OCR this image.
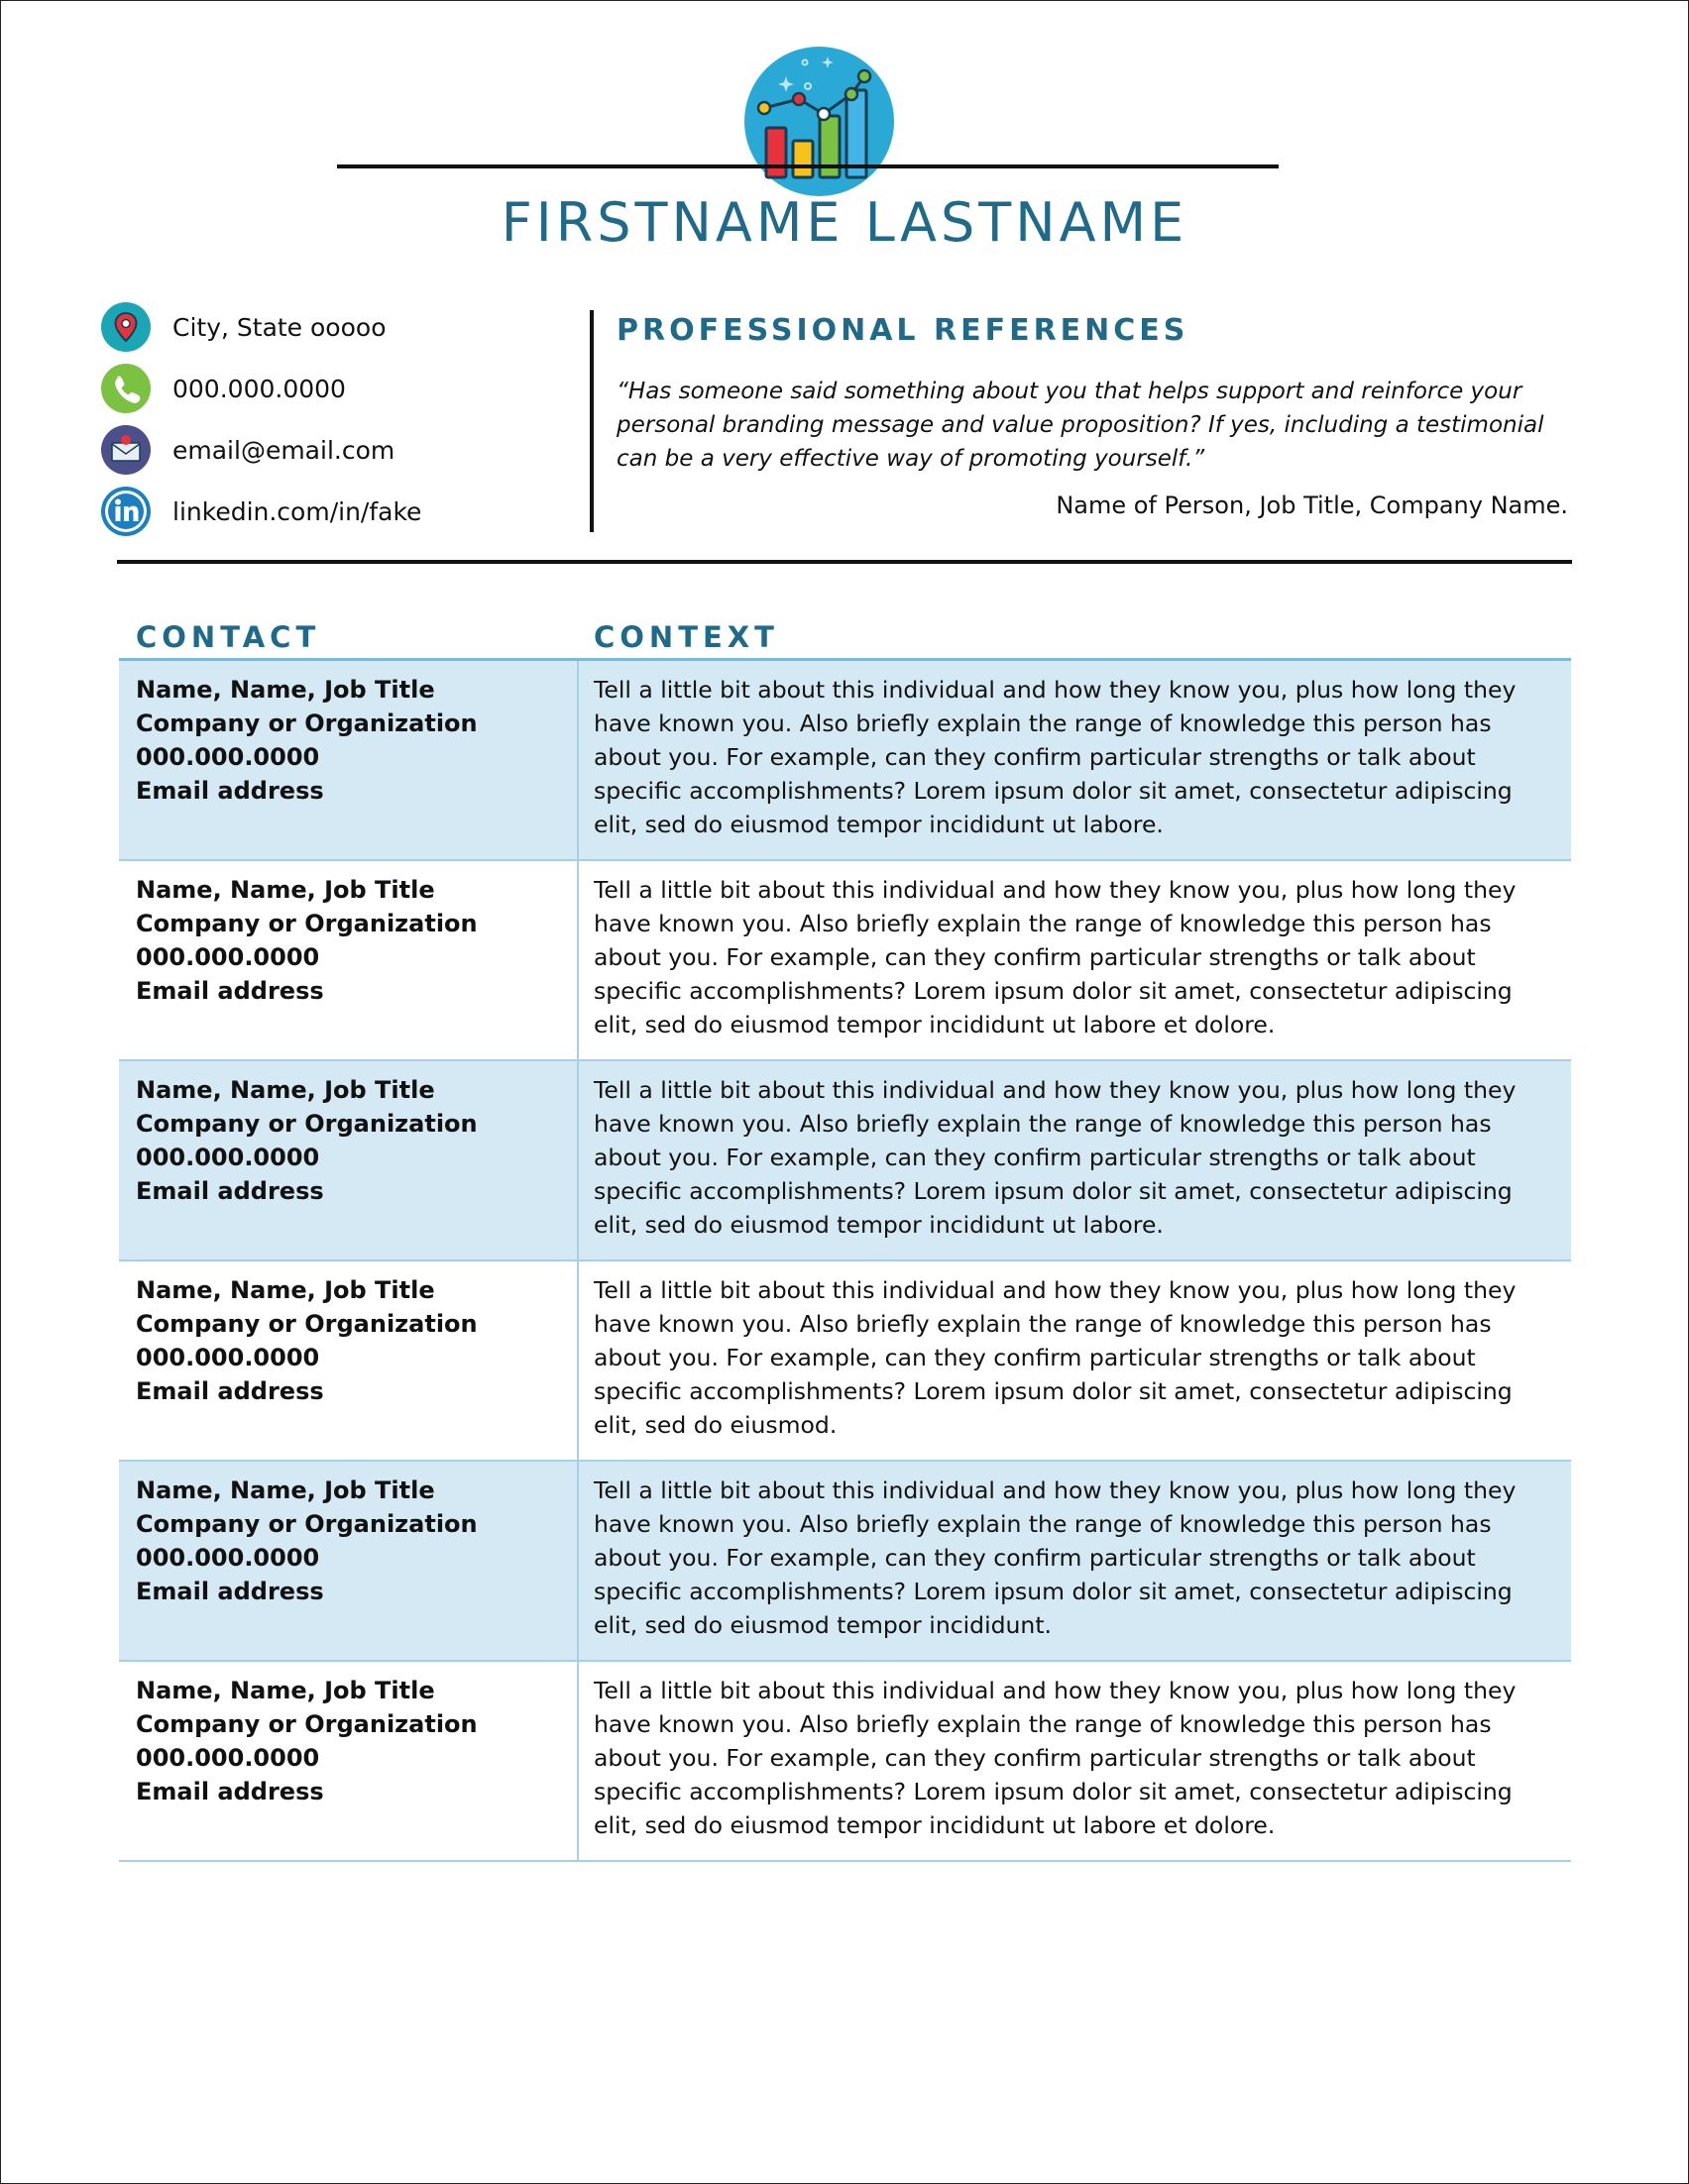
FIRSTNAME LASTNAME
City, State ooooo
000.000.0000
email@email.com
linkedin.com/in/fake
PROFESSIONAL REFERENCES
“Has someone said something about you that helps support and reinforce your personal branding message and value proposition? If yes, including a testimonial can be a very effective way of promoting yourself.”
Name of Person, Job Title, Company Name.
CONTACT	CONTEXT
Name, Name, Job Title
Company or Organization
000.000.0000
Email address
Tell a little bit about this individual and how they know you, plus how long they have known you. Also briefly explain the range of knowledge this person has about you. For example, can they confirm particular strengths or talk about specific accomplishments? Lorem ipsum dolor sit amet, consectetur adipiscing elit, sed do eiusmod tempor incididunt ut labore.
Name, Name, Job Title
Company or Organization
000.000.0000
Email address
Tell a little bit about this individual and how they know you, plus how long they have known you. Also briefly explain the range of knowledge this person has about you. For example, can they confirm particular strengths or talk about specific accomplishments? Lorem ipsum dolor sit amet, consectetur adipiscing elit, sed do eiusmod tempor incididunt ut labore et dolore.
Name, Name, Job Title
Company or Organization
000.000.0000
Email address
Tell a little bit about this individual and how they know you, plus how long they have known you. Also briefly explain the range of knowledge this person has about you. For example, can they confirm particular strengths or talk about specific accomplishments? Lorem ipsum dolor sit amet, consectetur adipiscing elit, sed do eiusmod tempor incididunt ut labore.
Name, Name, Job Title
Company or Organization
000.000.0000
Email address
Tell a little bit about this individual and how they know you, plus how long they have known you. Also briefly explain the range of knowledge this person has about you. For example, can they confirm particular strengths or talk about specific accomplishments? Lorem ipsum dolor sit amet, consectetur adipiscing elit, sed do eiusmod.
Name, Name, Job Title
Company or Organization
000.000.0000
Email address
Tell a little bit about this individual and how they know you, plus how long they have known you. Also briefly explain the range of knowledge this person has about you. For example, can they confirm particular strengths or talk about specific accomplishments? Lorem ipsum dolor sit amet, consectetur adipiscing elit, sed do eiusmod tempor incididunt.
Name, Name, Job Title
Company or Organization
000.000.0000
Email address
Tell a little bit about this individual and how they know you, plus how long they have known you. Also briefly explain the range of knowledge this person has about you. For example, can they confirm particular strengths or talk about specific accomplishments? Lorem ipsum dolor sit amet, consectetur adipiscing elit, sed do eiusmod tempor incididunt ut labore et dolore.
